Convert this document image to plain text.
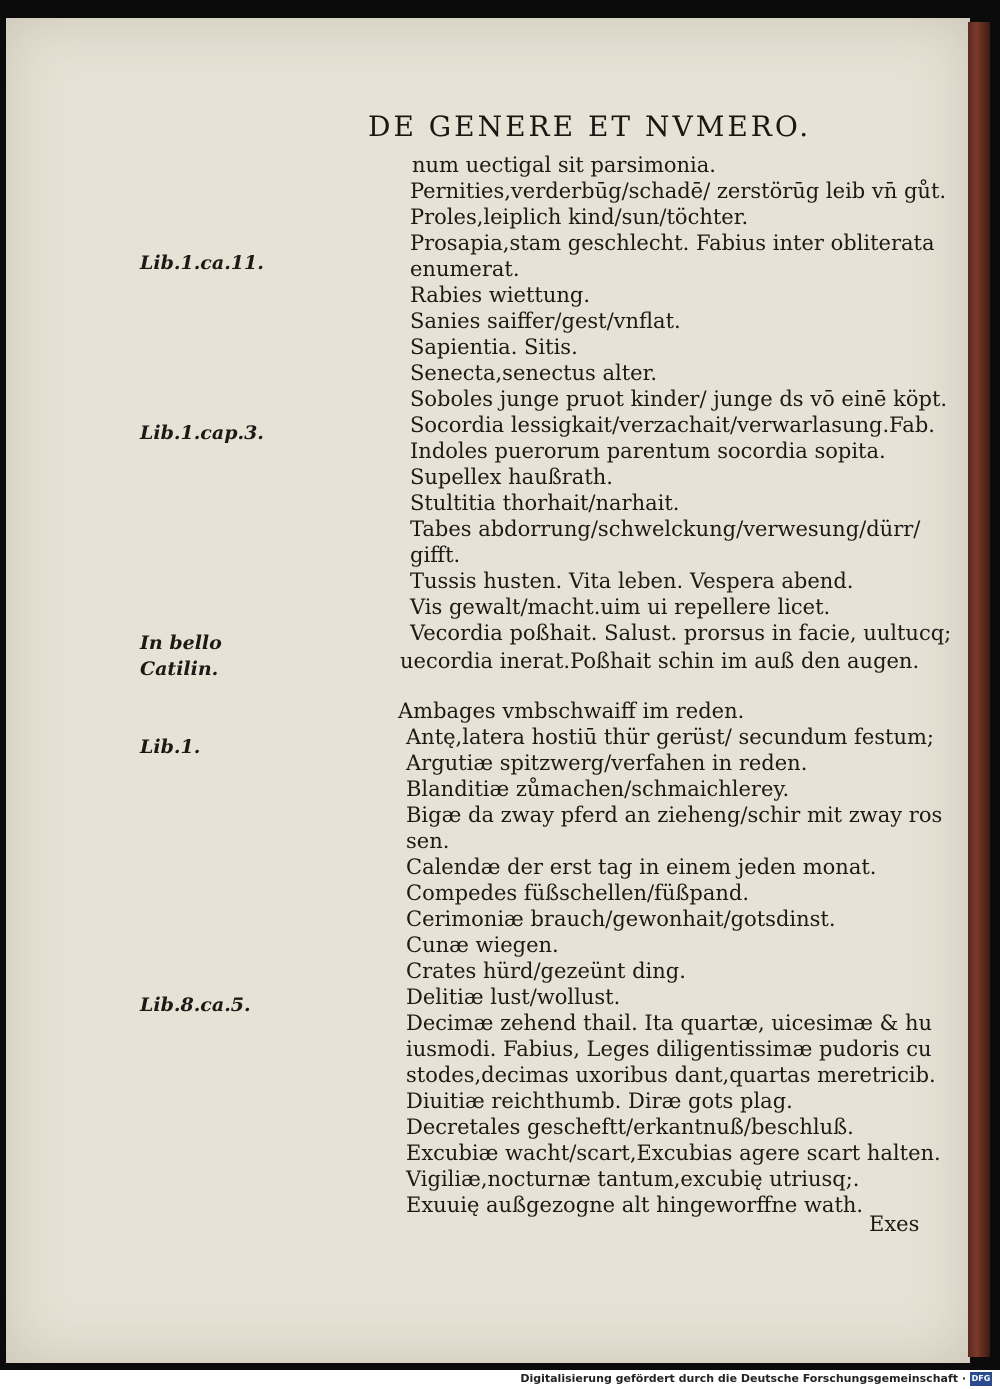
DE GENERE ET NVMERO.
Lib.1.ca.11.
Lib.1.cap.3.
In bello Catilin.
Lib.1.
Lib.8.ca.5.
num uectigal sit parsimonia.
Pernities,verderbūg/schadē/ zerstörūg leib vn̄ gůt.
Proles,leiplich kind/sun/töchter.
Prosapia,stam geschlecht. Fabius inter obliterata
enumerat.
Rabies wiettung.
Sanies saiffer/gest/vnflat.
Sapientia. Sitis.
Senecta,senectus alter.
Soboles junge pruot kinder/ junge ds vō einē köpt.
Socordia lessigkait/verzachait/verwarlasung.Fab.
Indoles puerorum parentum socordia sopita.
Supellex haußrath.
Stultitia thorhait/narhait.
Tabes abdorrung/schwelckung/verwesung/dürr/
gifft.
Tussis husten. Vita leben. Vespera abend.
Vis gewalt/macht.uim ui repellere licet.
Vecordia poßhait. Salust. prorsus in facie, uultucq;
uecordia inerat.Poßhait schin im auß den augen.
Ambages vmbschwaiff im reden.
Antę,latera hostiū thür gerüst/ secundum festum;
Argutiæ spitzwerg/verfahen in reden.
Blanditiæ zůmachen/schmaichlerey.
Bigæ da zway pferd an zieheng/schir mit zway ros
sen.
Calendæ der erst tag in einem jeden monat.
Compedes füßschellen/füßpand.
Cerimoniæ brauch/gewonhait/gotsdinst.
Cunæ wiegen.
Crates hürd/gezeünt ding.
Delitiæ lust/wollust.
Decimæ zehend thail. Ita quartæ, uicesimæ & hu
iusmodi. Fabius, Leges diligentissimæ pudoris cu
stodes,decimas uxoribus dant,quartas meretricib.
Diuitiæ reichthumb. Diræ gots plag.
Decretales gescheftt/erkantnuß/beschluß.
Excubiæ wacht/scart,Excubias agere scart halten.
Vigiliæ,nocturnæ tantum,excubię utriusq;.
Exuuię außgezogne alt hingeworffne wath.
Exes
Digitalisierung gefördert durch die Deutsche Forschungsgemeinschaft · DFG
